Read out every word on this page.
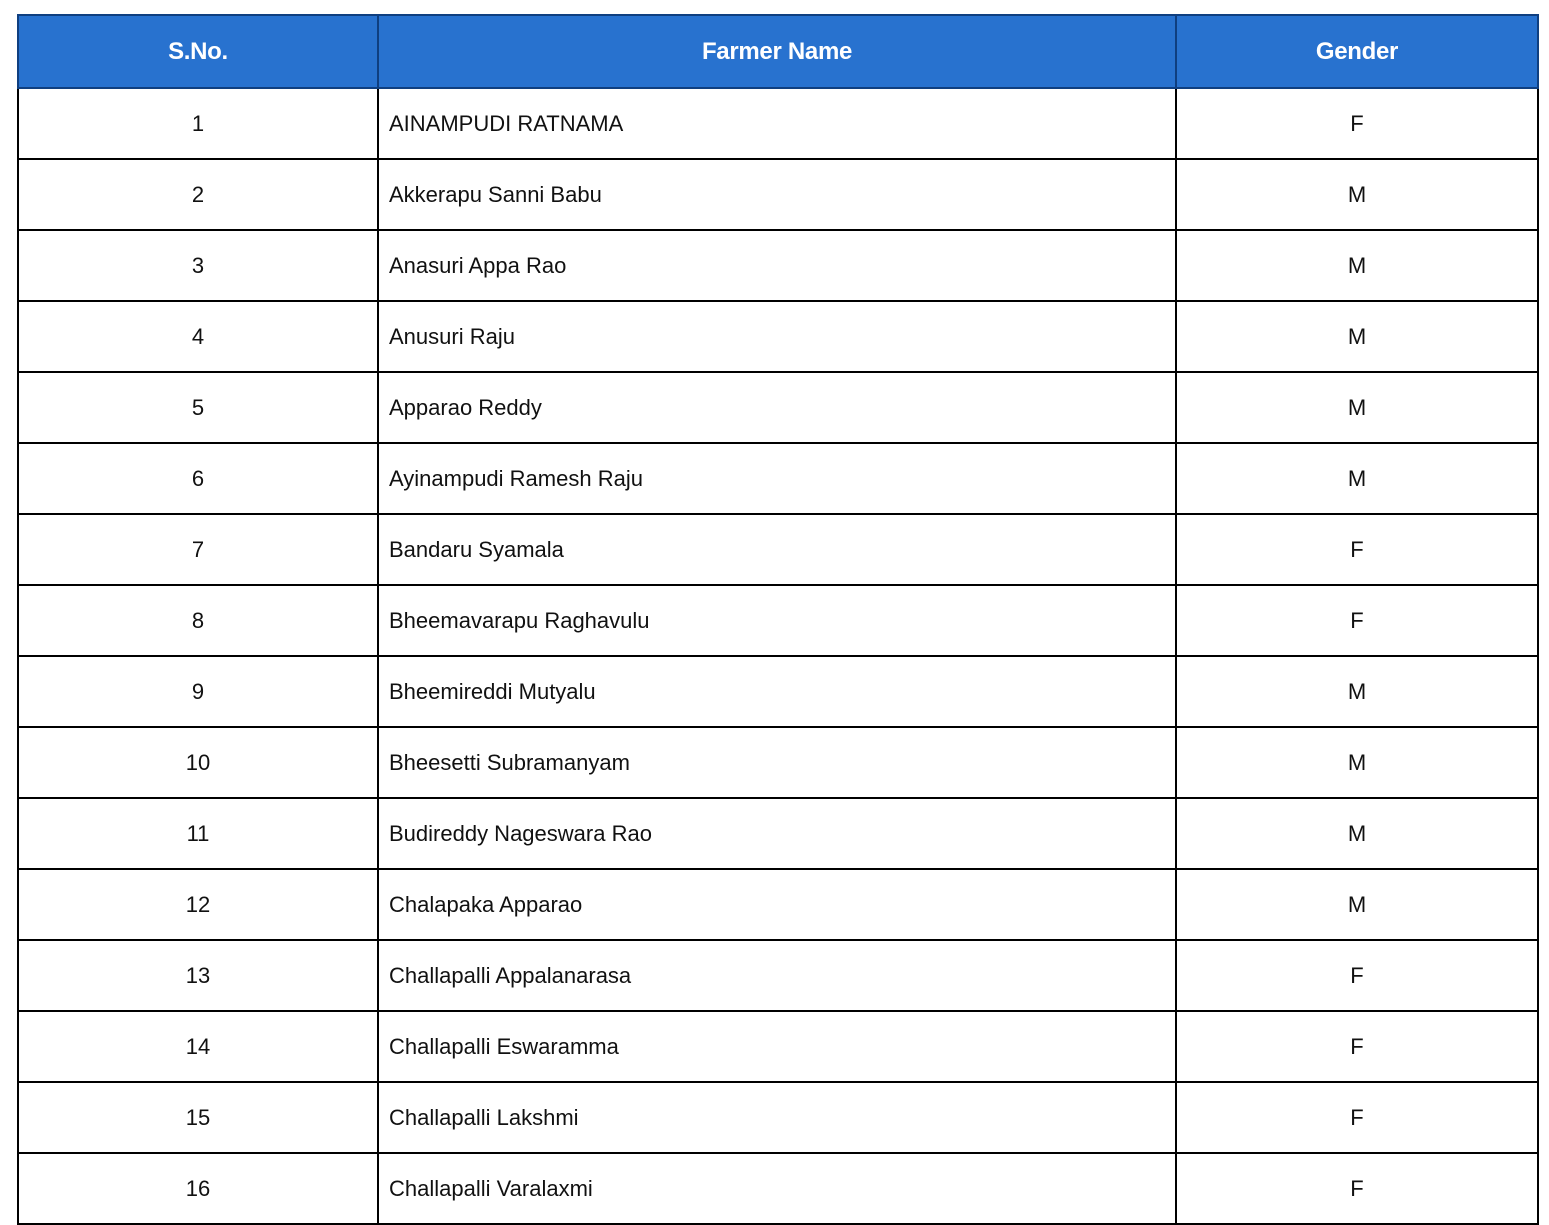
S.No.	Farmer Name	Gender
1	AINAMPUDI RATNAMA	F
2	Akkerapu Sanni Babu	M
3	Anasuri Appa Rao	M
4	Anusuri Raju	M
5	Apparao Reddy	M
6	Ayinampudi Ramesh Raju	M
7	Bandaru Syamala	F
8	Bheemavarapu Raghavulu	F
9	Bheemireddi Mutyalu	M
10	Bheesetti Subramanyam	M
11	Budireddy Nageswara Rao	M
12	Chalapaka Apparao	M
13	Challapalli Appalanarasa	F
14	Challapalli Eswaramma	F
15	Challapalli Lakshmi	F
16	Challapalli Varalaxmi	F
